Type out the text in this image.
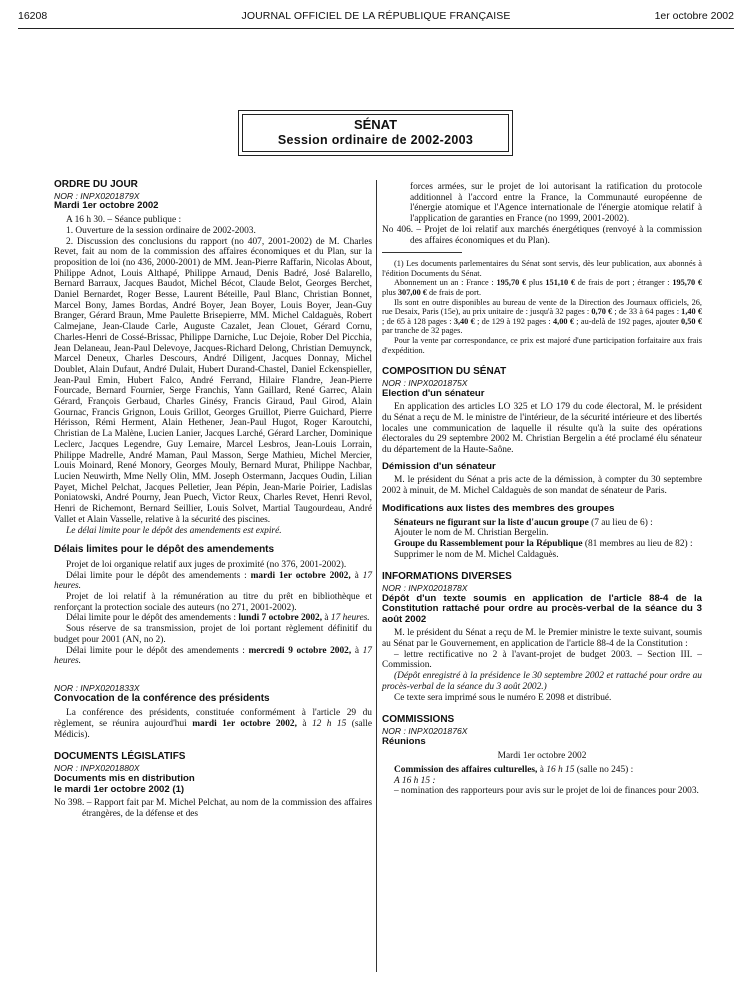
16208	JOURNAL OFFICIEL DE LA RÉPUBLIQUE FRANÇAISE	1er octobre 2002
SÉNAT
Session ordinaire de 2002-2003

ORDRE DU JOUR

NOR : INPX0201879X

Mardi 1er octobre 2002

A 16 h 30. – Séance publique :

1. Ouverture de la session ordinaire de 2002-2003.

2. Discussion des conclusions du rapport (no 407, 2001-2002) de M. Charles Revet, fait au nom de la commission des affaires économiques et du Plan, sur la proposition de loi (no 436, 2000-2001) de MM. Jean-Pierre Raffarin, Nicolas About, Philippe Adnot, Louis Althapé, Philippe Arnaud, Denis Badré, José Balarello, Bernard Barraux, Jacques Baudot, Michel Bécot, Claude Belot, Georges Berchet, Daniel Bernardet, Roger Besse, Laurent Béteille, Paul Blanc, Christian Bonnet, Marcel Bony, James Bordas, André Boyer, Jean Boyer, Louis Boyer, Jean-Guy Branger, Gérard Braun, Mme Paulette Brisepierre, MM. Michel Caldaguès, Robert Calmejane, Jean-Claude Carle, Auguste Cazalet, Jean Clouet, Gérard Cornu, Charles-Henri de Cossé-Brissac, Philippe Darniche, Luc Dejoie, Rober Del Picchia, Jean Delaneau, Jean-Paul Delevoye, Jacques-Richard Delong, Christian Demuynck, Marcel Deneux, Charles Descours, André Diligent, Jacques Donnay, Michel Doublet, Alain Dufaut, André Dulait, Hubert Durand-Chastel, Daniel Eckenspieller, Jean-Paul Emin, Hubert Falco, André Ferrand, Hilaire Flandre, Jean-Pierre Fourcade, Bernard Fournier, Serge Franchis, Yann Gaillard, René Garrec, Alain Gérard, François Gerbaud, Charles Ginésy, Francis Giraud, Paul Girod, Alain Gournac, Francis Grignon, Louis Grillot, Georges Gruillot, Pierre Guichard, Pierre Hérisson, Rémi Herment, Alain Hethener, Jean-Paul Hugot, Roger Karoutchi, Christian de La Malène, Lucien Lanier, Jacques Larché, Gérard Larcher, Dominique Leclerc, Jacques Legendre, Guy Lemaire, Marcel Lesbros, Jean-Louis Lorrain, Philippe Madrelle, André Maman, Paul Masson, Serge Mathieu, Michel Mercier, Louis Moinard, René Monory, Georges Mouly, Bernard Murat, Philippe Nachbar, Lucien Neuwirth, Mme Nelly Olin, MM. Joseph Ostermann, Jacques Oudin, Lilian Payet, Michel Pelchat, Jacques Pelletier, Jean Pépin, Jean-Marie Poirier, Ladislas Poniatowski, André Pourny, Jean Puech, Victor Reux, Charles Revet, Henri Revol, Henri de Richemont, Bernard Seillier, Louis Solvet, Martial Taugourdeau, André Vallet et Alain Vasselle, relative à la sécurité des piscines.

Le délai limite pour le dépôt des amendements est expiré.

Délais limites pour le dépôt des amendements

Projet de loi organique relatif aux juges de proximité (no 376, 2001-2002).

Délai limite pour le dépôt des amendements : mardi 1er octobre 2002, à 17 heures.

Projet de loi relatif à la rémunération au titre du prêt en bibliothèque et renforçant la protection sociale des auteurs (no 271, 2001-2002).

Délai limite pour le dépôt des amendements : lundi 7 octobre 2002, à 17 heures.

Sous réserve de sa transmission, projet de loi portant règlement définitif du budget pour 2001 (AN, no 2).

Délai limite pour le dépôt des amendements : mercredi 9 octobre 2002, à 17 heures.

NOR : INPX0201833X

Convocation de la conférence des présidents

La conférence des présidents, constituée conformément à l'article 29 du règlement, se réunira aujourd'hui mardi 1er octobre 2002, à 12 h 15 (salle Médicis).

DOCUMENTS LÉGISLATIFS

NOR : INPX0201880X

Documents mis en distribution

le mardi 1er octobre 2002 (1)

No 398. – Rapport fait par M. Michel Pelchat, au nom de la commission des affaires étrangères, de la défense et des

forces armées, sur le projet de loi autorisant la ratification du protocole additionnel à l'accord entre la France, la Communauté européenne de l'énergie atomique et l'Agence internationale de l'énergie atomique relatif à l'application de garanties en France (no 1999, 2001-2002).

No 406. – Projet de loi relatif aux marchés énergétiques (renvoyé à la commission des affaires économiques et du Plan).

(1) Les documents parlementaires du Sénat sont servis, dès leur publication, aux abonnés à l'édition Documents du Sénat.

Abonnement un an : France : 195,70 € plus 151,10 € de frais de port ; étranger : 195,70 € plus 307,00 € de frais de port.

Ils sont en outre disponibles au bureau de vente de la Direction des Journaux officiels, 26, rue Desaix, Paris (15e), au prix unitaire de : jusqu'à 32 pages : 0,70 € ; de 33 à 64 pages : 1,40 € ; de 65 à 128 pages : 3,40 € ; de 129 à 192 pages : 4,00 € ; au-delà de 192 pages, ajouter 0,50 € par tranche de 32 pages.

Pour la vente par correspondance, ce prix est majoré d'une participation forfaitaire aux frais d'expédition.

COMPOSITION DU SÉNAT

NOR : INPX0201875X

Election d'un sénateur

En application des articles LO 325 et LO 179 du code électoral, M. le président du Sénat a reçu de M. le ministre de l'intérieur, de la sécurité intérieure et des libertés locales une communication de laquelle il résulte qu'à la suite des opérations électorales du 29 septembre 2002 M. Christian Bergelin a été proclamé élu sénateur du département de la Haute-Saône.

Démission d'un sénateur

M. le président du Sénat a pris acte de la démission, à compter du 30 septembre 2002 à minuit, de M. Michel Caldaguès de son mandat de sénateur de Paris.

Modifications aux listes des membres des groupes

Sénateurs ne figurant sur la liste d'aucun groupe (7 au lieu de 6) :

Ajouter le nom de M. Christian Bergelin.

Groupe du Rassemblement pour la République (81 membres au lieu de 82) :

Supprimer le nom de M. Michel Caldaguès.

INFORMATIONS DIVERSES

NOR : INPX0201878X

Dépôt d'un texte soumis en application de l'article 88-4 de la Constitution rattaché pour ordre au procès-verbal de la séance du 3 août 2002

M. le président du Sénat a reçu de M. le Premier ministre le texte suivant, soumis au Sénat par le Gouvernement, en application de l'article 88-4 de la Constitution :

– lettre rectificative no 2 à l'avant-projet de budget 2003. – Section III. – Commission.

(Dépôt enregistré à la présidence le 30 septembre 2002 et rattaché pour ordre au procès-verbal de la séance du 3 août 2002.)

Ce texte sera imprimé sous le numéro E 2098 et distribué.

COMMISSIONS

NOR : INPX0201876X

Réunions

Mardi 1er octobre 2002

Commission des affaires culturelles, à 16 h 15 (salle no 245) :

A 16 h 15 :

– nomination des rapporteurs pour avis sur le projet de loi de finances pour 2003.
